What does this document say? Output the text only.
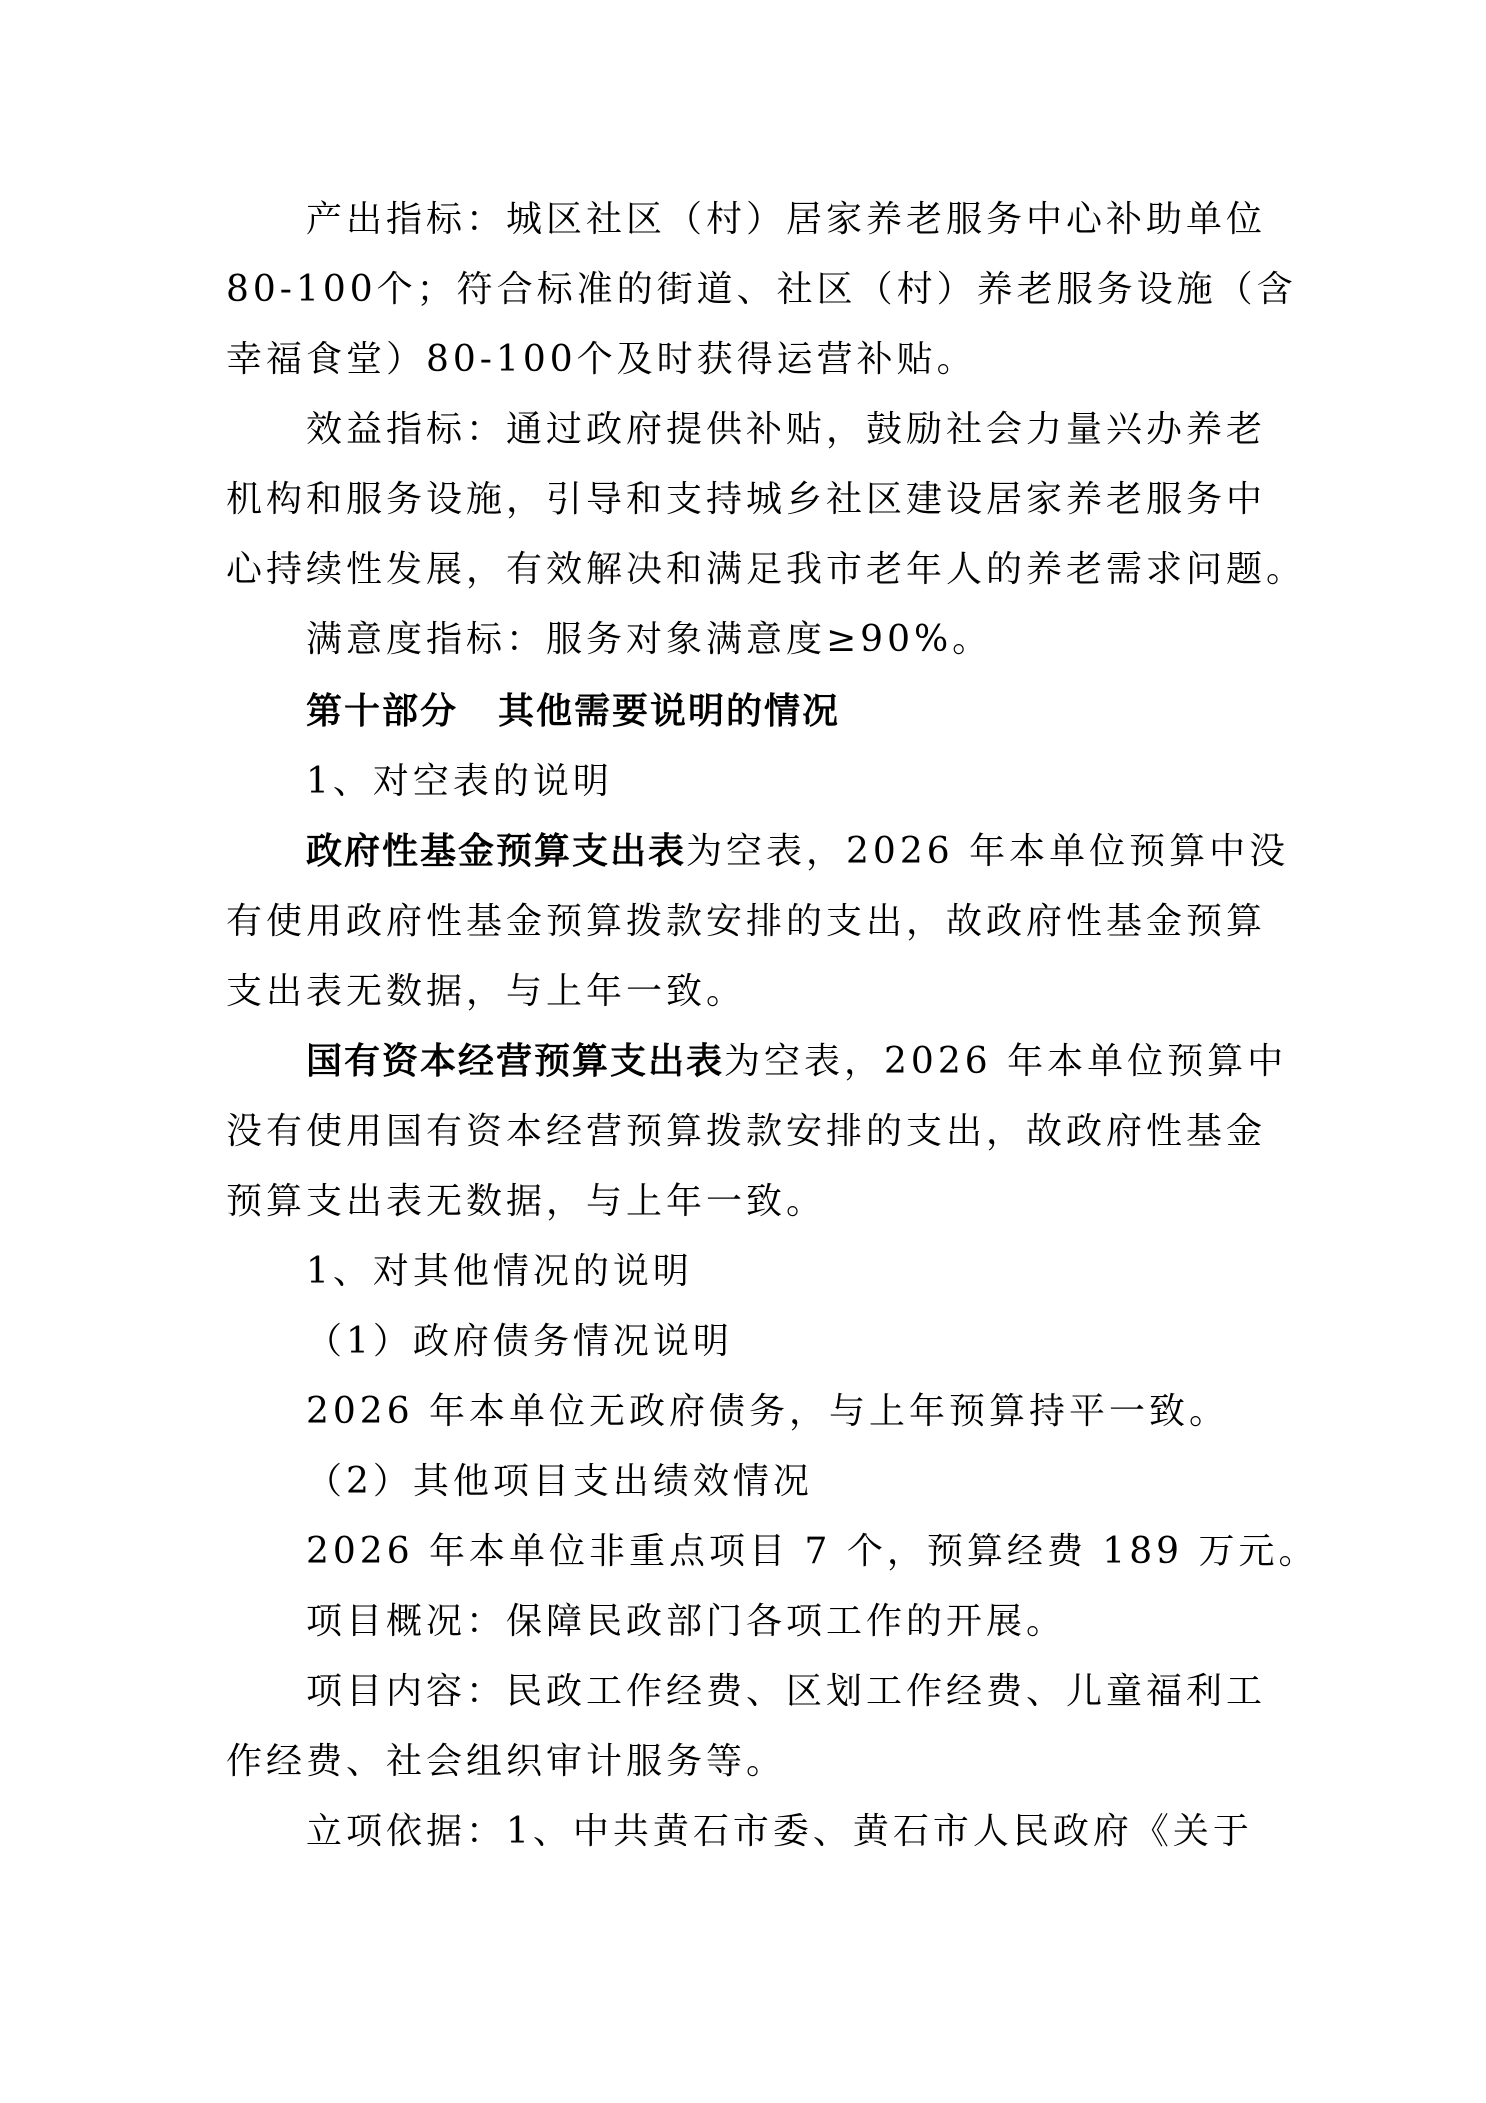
产出指标：城区社区（村）居家养老服务中心补助单位
80-100个；符合标准的街道、社区（村）养老服务设施（含
幸福食堂）80-100个及时获得运营补贴。
效益指标：通过政府提供补贴，鼓励社会力量兴办养老
机构和服务设施，引导和支持城乡社区建设居家养老服务中
心持续性发展，有效解决和满足我市老年人的养老需求问题。
满意度指标：服务对象满意度≥90%。
第十部分 其他需要说明的情况
1、对空表的说明
政府性基金预算支出表为空表，2026 年本单位预算中没
有使用政府性基金预算拨款安排的支出，故政府性基金预算
支出表无数据，与上年一致。
国有资本经营预算支出表为空表，2026 年本单位预算中
没有使用国有资本经营预算拨款安排的支出，故政府性基金
预算支出表无数据，与上年一致。
1、对其他情况的说明
（1）政府债务情况说明
2026 年本单位无政府债务，与上年预算持平一致。
（2）其他项目支出绩效情况
2026 年本单位非重点项目 7 个，预算经费 189 万元。
项目概况：保障民政部门各项工作的开展。
项目内容：民政工作经费、区划工作经费、儿童福利工
作经费、社会组织审计服务等。
立项依据：1、中共黄石市委、黄石市人民政府《关于
